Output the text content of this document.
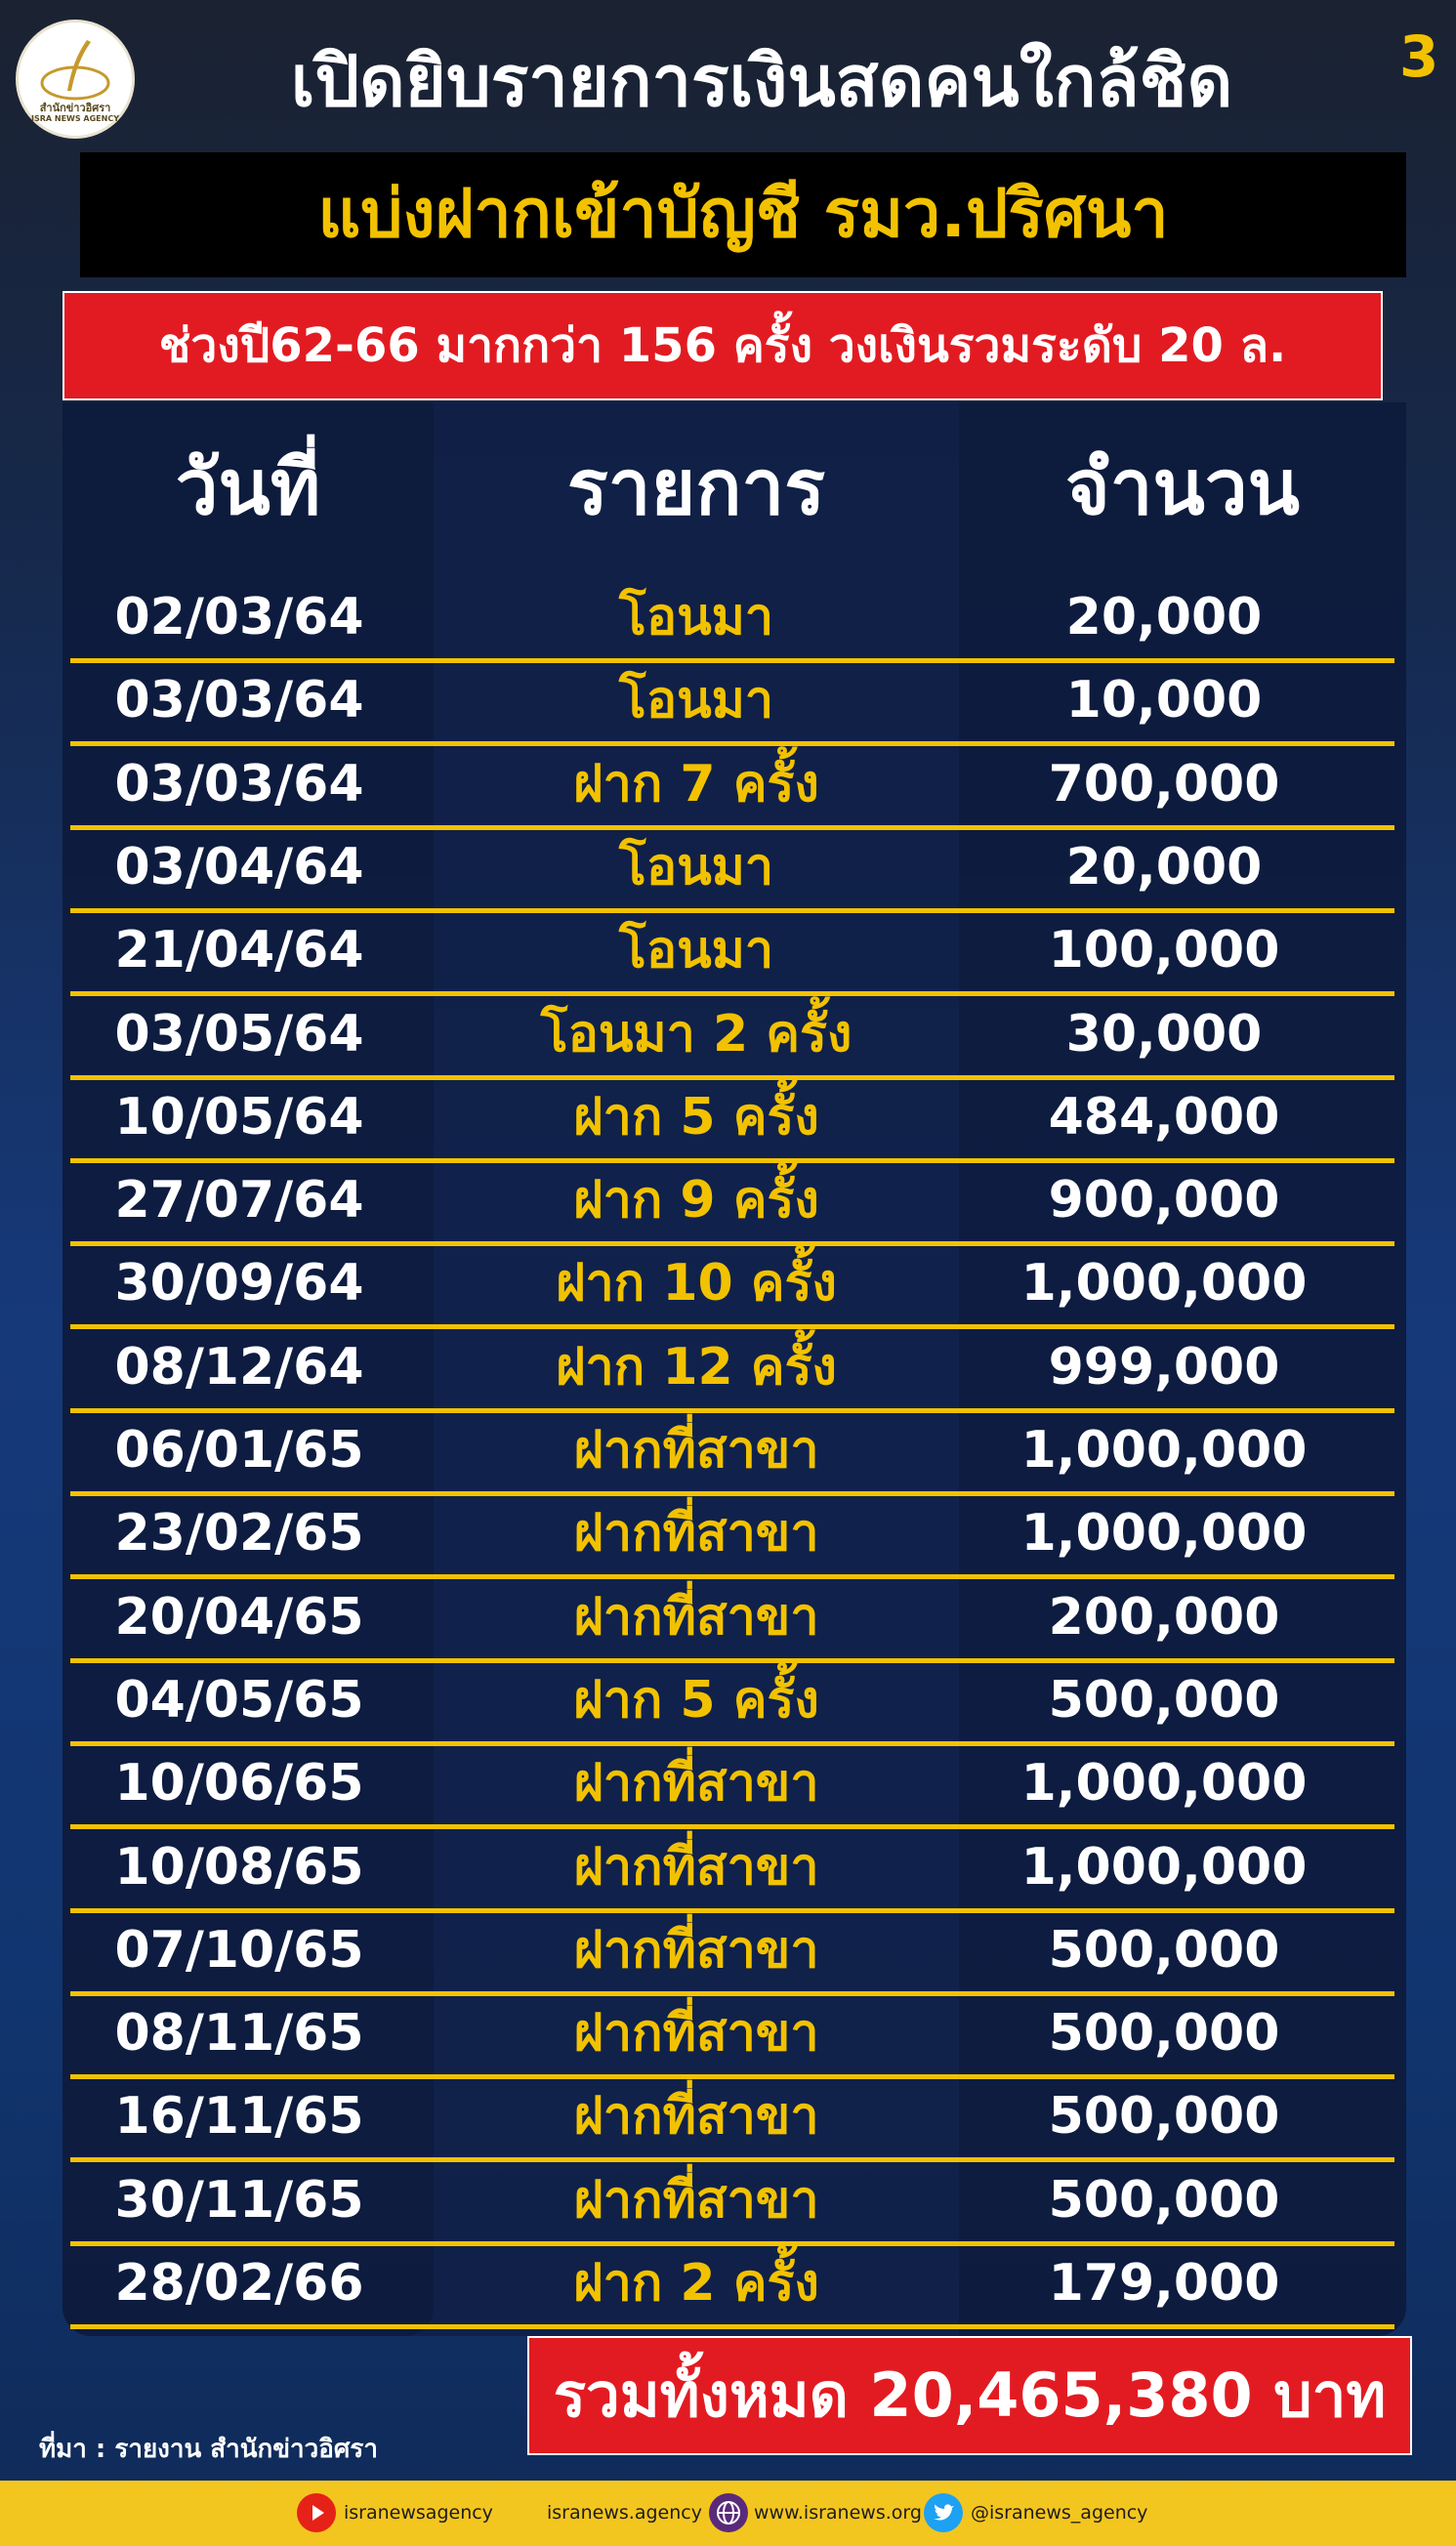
สำนักข่าวอิศรา
ISRA NEWS AGENCY	เปิดยิบรายการเงินสดคนใกล้ชิด	3
แบ่งฝากเข้าบัญชี รมว.ปริศนา
ช่วงปี62-66 มากกว่า 156 ครั้ง วงเงินรวมระดับ 20 ล.
วันที่	รายการ	จำนวน
02/03/64	โอนมา	20,000
03/03/64	โอนมา	10,000
03/03/64	ฝาก 7 ครั้ง	700,000
03/04/64	โอนมา	20,000
21/04/64	โอนมา	100,000
03/05/64	โอนมา 2 ครั้ง	30,000
10/05/64	ฝาก 5 ครั้ง	484,000
27/07/64	ฝาก 9 ครั้ง	900,000
30/09/64	ฝาก 10 ครั้ง	1,000,000
08/12/64	ฝาก 12 ครั้ง	999,000
06/01/65	ฝากที่สาขา	1,000,000
23/02/65	ฝากที่สาขา	1,000,000
20/04/65	ฝากที่สาขา	200,000
04/05/65	ฝาก 5 ครั้ง	500,000
10/06/65	ฝากที่สาขา	1,000,000
10/08/65	ฝากที่สาขา	1,000,000
07/10/65	ฝากที่สาขา	500,000
08/11/65	ฝากที่สาขา	500,000
16/11/65	ฝากที่สาขา	500,000
30/11/65	ฝากที่สาขา	500,000
28/02/66	ฝาก 2 ครั้ง	179,000
รวมทั้งหมด 20,465,380 บาท
ที่มา : รายงาน สำนักข่าวอิศรา
isranewsagency	isranews.agency	www.isranews.org	@isranews_agency
